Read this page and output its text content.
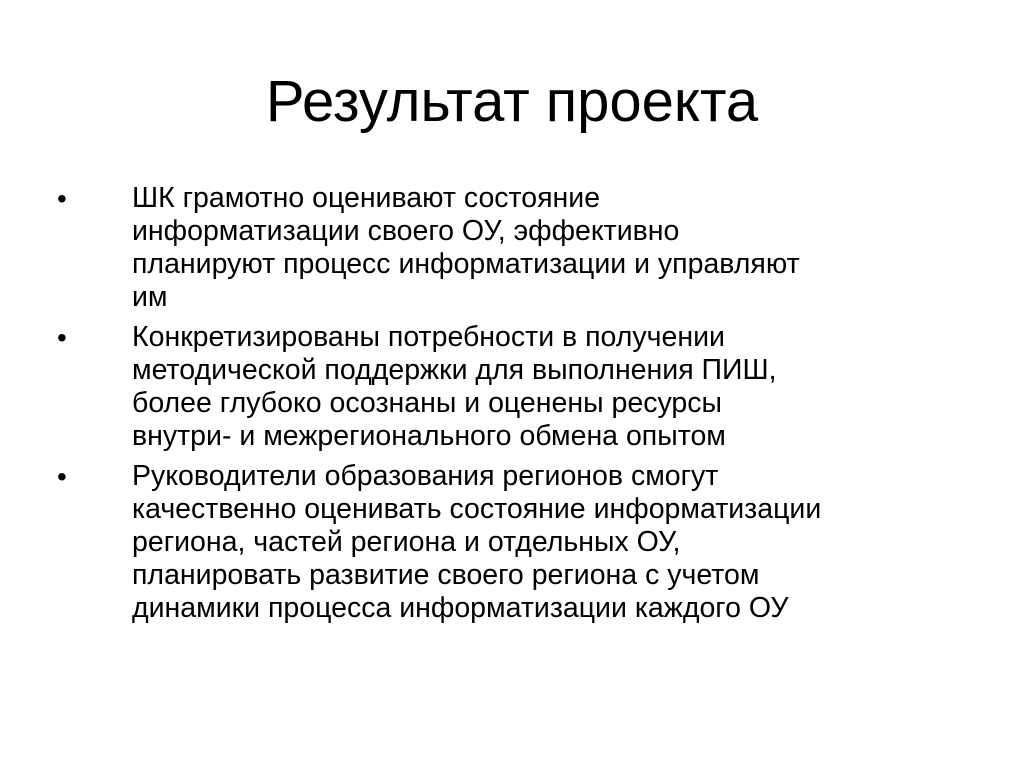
Результат проекта
•	ШК грамотно оценивают состояние
информатизации своего ОУ, эффективно
планируют процесс информатизации и управляют
им
•	Конкретизированы потребности в получении
методической поддержки для выполнения ПИШ,
более глубоко осознаны и оценены ресурсы
внутри- и межрегионального обмена опытом
•	Руководители образования регионов смогут
качественно оценивать состояние информатизации
региона, частей региона и отдельных ОУ,
планировать развитие своего региона с учетом
динамики процесса информатизации каждого ОУ
